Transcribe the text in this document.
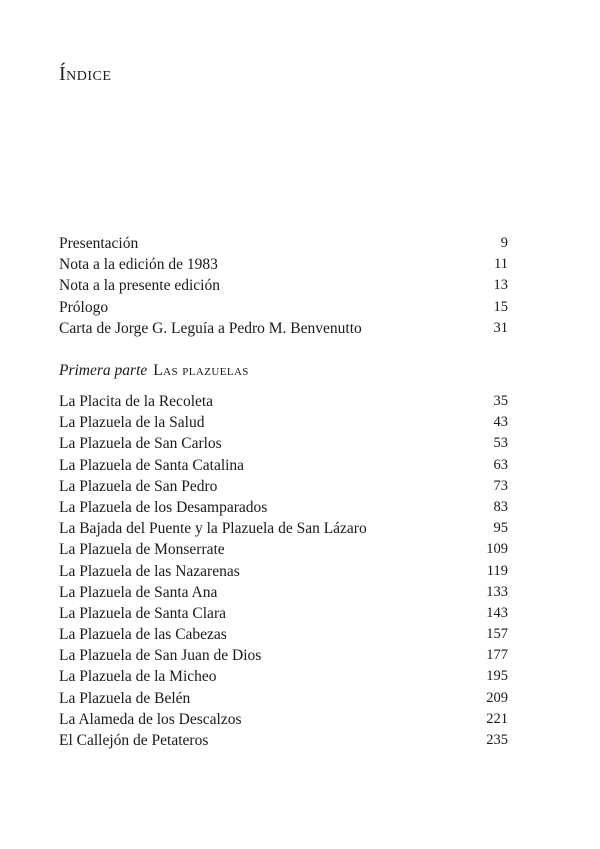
Índice
Presentación	9
Nota a la edición de 1983	11
Nota a la presente edición	13
Prólogo	15
Carta de Jorge G. Leguía a Pedro M. Benvenutto	31
Primera parte Las plazuelas
La Placita de la Recoleta	35
La Plazuela de la Salud	43
La Plazuela de San Carlos	53
La Plazuela de Santa Catalina	63
La Plazuela de San Pedro	73
La Plazuela de los Desamparados	83
La Bajada del Puente y la Plazuela de San Lázaro	95
La Plazuela de Monserrate	109
La Plazuela de las Nazarenas	119
La Plazuela de Santa Ana	133
La Plazuela de Santa Clara	143
La Plazuela de las Cabezas	157
La Plazuela de San Juan de Dios	177
La Plazuela de la Micheo	195
La Plazuela de Belén	209
La Alameda de los Descalzos	221
El Callejón de Petateros	235
